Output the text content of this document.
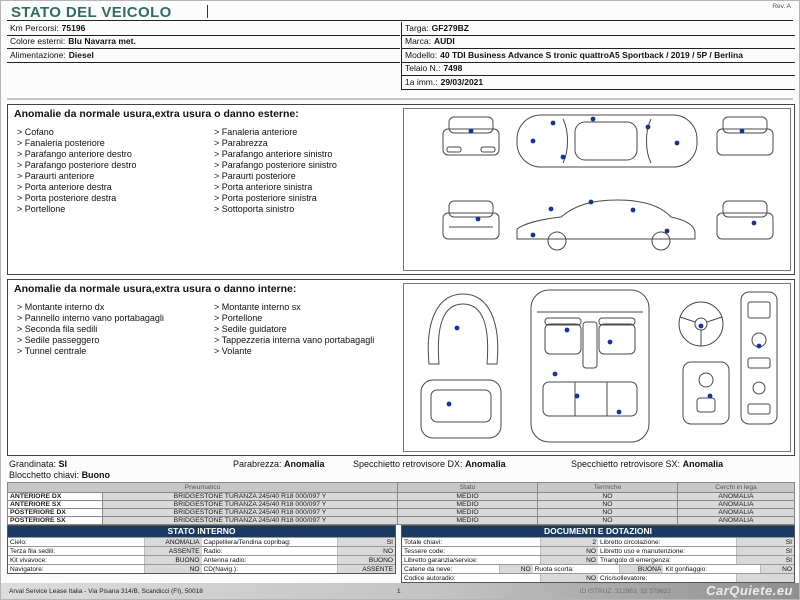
STATO DEL VEICOLO	Rev. A
Km Percorsi: 75196
Colore esterni: Blu Navarra met.
Alimentazione: Diesel
Targa: GF279BZ
Marca: AUDI
Modello: 40 TDI Business Advance S tronic quattroA5 Sportback / 2019 / 5P / Berlina
Telaio N.: 7498
1a imm.: 29/03/2021
Anomalie da normale usura,extra usura o danno esterne:
> Cofano
> Fanaleria posteriore
> Parafango anteriore destro
> Parafango posteriore destro
> Paraurti anteriore
> Porta anteriore destra
> Porta posteriore destra
> Portellone
> Fanaleria anteriore
> Parabrezza
> Parafango anteriore sinistro
> Parafango posteriore sinistro
> Paraurti posteriore
> Porta anteriore sinistra
> Porta posteriore sinistra
> Sottoporta sinistro
Anomalie da normale usura,extra usura o danno interne:
> Montante interno dx
> Pannello interno vano portabagagli
> Seconda fila sedili
> Sedile passeggero
> Tunnel centrale
> Montante interno sx
> Portellone
> Sedile guidatore
> Tappezzeria interna vano portabagagli
> Volante
Grandinata: SI	Parabrezza: Anomalia	Specchietto retrovisore DX: Anomalia	Specchietto retrovisore SX: Anomalia
Blocchetto chiavi: Buono
Pneumatico		Stato	Termiche	Cerchi in lega
ANTERIORE DX	BRIDGESTONE TURANZA 245/40 R18 000/097 Y	MEDIO	NO	ANOMALIA
ANTERIORE SX	BRIDGESTONE TURANZA 245/40 R18 000/097 Y	MEDIO	NO	ANOMALIA
POSTERIORE DX	BRIDGESTONE TURANZA 245/40 R18 000/097 Y	MEDIO	NO	ANOMALIA
POSTERIORE SX	BRIDGESTONE TURANZA 245/40 R18 000/097 Y	MEDIO	NO	ANOMALIA
STATO INTERNO
Cielo:	ANOMALIA Cappelliera/Tendina copribag:	SI
Terza fila sedili:	ASSENTE Radio:	NO
Kit vivavoce:	BUONO Antenna radio:	BUONO
Navigatore:	NO CD(Navig.):	ASSENTE
DOCUMENTI E DOTAZIONI
Totale chiavi:	2 Libretto circolazione:	SI
Tessere code:	NO Libretto uso e manutenzione:	SI
Libretto garanzia/service:	NO Triangolo di emergenza:	SI
Catene da neve:	NO Ruota scorta:	BUONA Kit gonfiaggio:	NO
Codice autoradio:	NO Cric/sollevatore:
Arval Service Lease Italia - Via Pisana 314/B, Scandicci (FI), 50018	1	ID ISTRUZ. 312963, 32 379622	CarQuiete.eu
